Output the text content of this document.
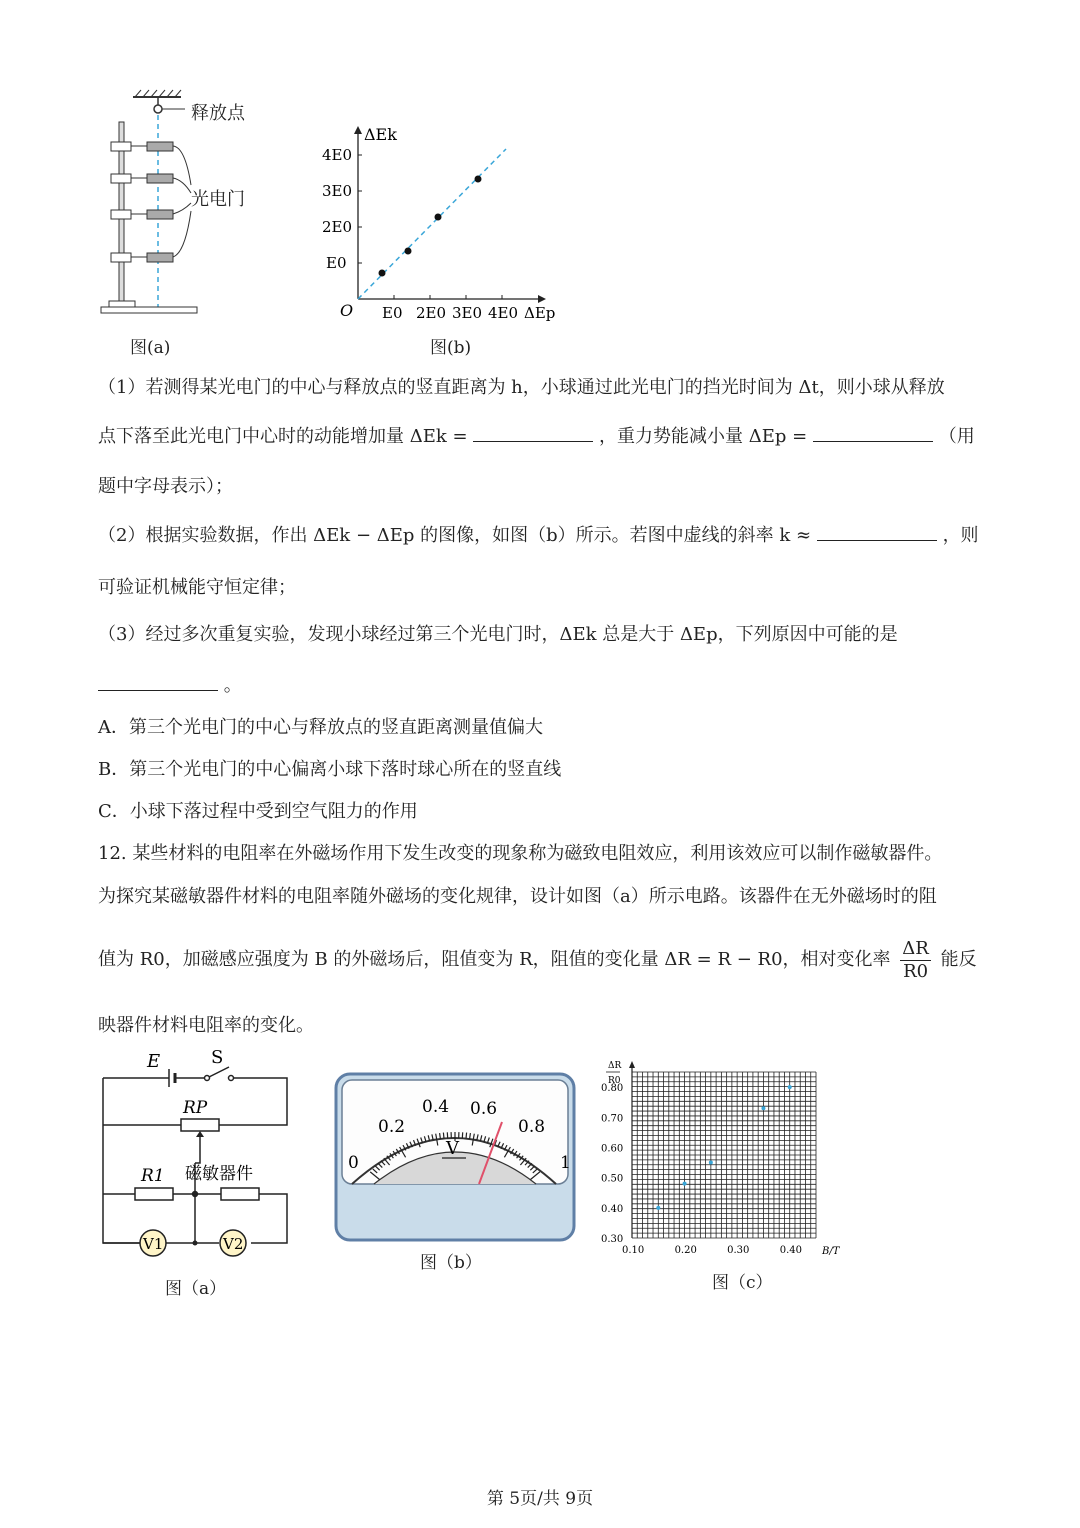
释放点
光电门
图(a)
ΔEk
E0
2E0
3E0
4E0
O E0 2E0 3E0 4E0 ΔEp
图(b)
（1）若测得某光电门的中心与释放点的竖直距离为 h，小球通过此光电门的挡光时间为 Δt，则小球从释放
点下落至此光电门中心时的动能增加量 ΔEk =	，重力势能减小量 ΔEp =	（用
题中字母表示）；
（2）根据实验数据，作出 ΔEk − ΔEp 的图像，如图（b）所示。若图中虚线的斜率 k ≈	，则
可验证机械能守恒定律；
（3）经过多次重复实验，发现小球经过第三个光电门时，ΔEk 总是大于 ΔEp，下列原因中可能的是
。
A．第三个光电门的中心与释放点的竖直距离测量值偏大
B．第三个光电门的中心偏离小球下落时球心所在的竖直线
C．小球下落过程中受到空气阻力的作用
12. 某些材料的电阻率在外磁场作用下发生改变的现象称为磁致电阻效应，利用该效应可以制作磁敏器件。
为探究某磁敏器件材料的电阻率随外磁场的变化规律，设计如图（a）所示电路。该器件在无外磁场时的阻
值为 R0，加磁感应强度为 B 的外磁场后，阻值变为 R，阻值的变化量 ΔR = R − R0，相对变化率 $\frac{\Delta R}{R0}$ 能反
映器件材料电阻率的变化。
E	S
RP
R1 磁敏器件
V1	V2
图（a）
0
0.2
0.4 0.6
0.8
1
V
图（b）
ΔR
R0
B/T
0.10	0.20	0.30	0.40
0.30
0.40
0.50
0.60
0.70
0.80
图（c）
第 5页/共 9页
